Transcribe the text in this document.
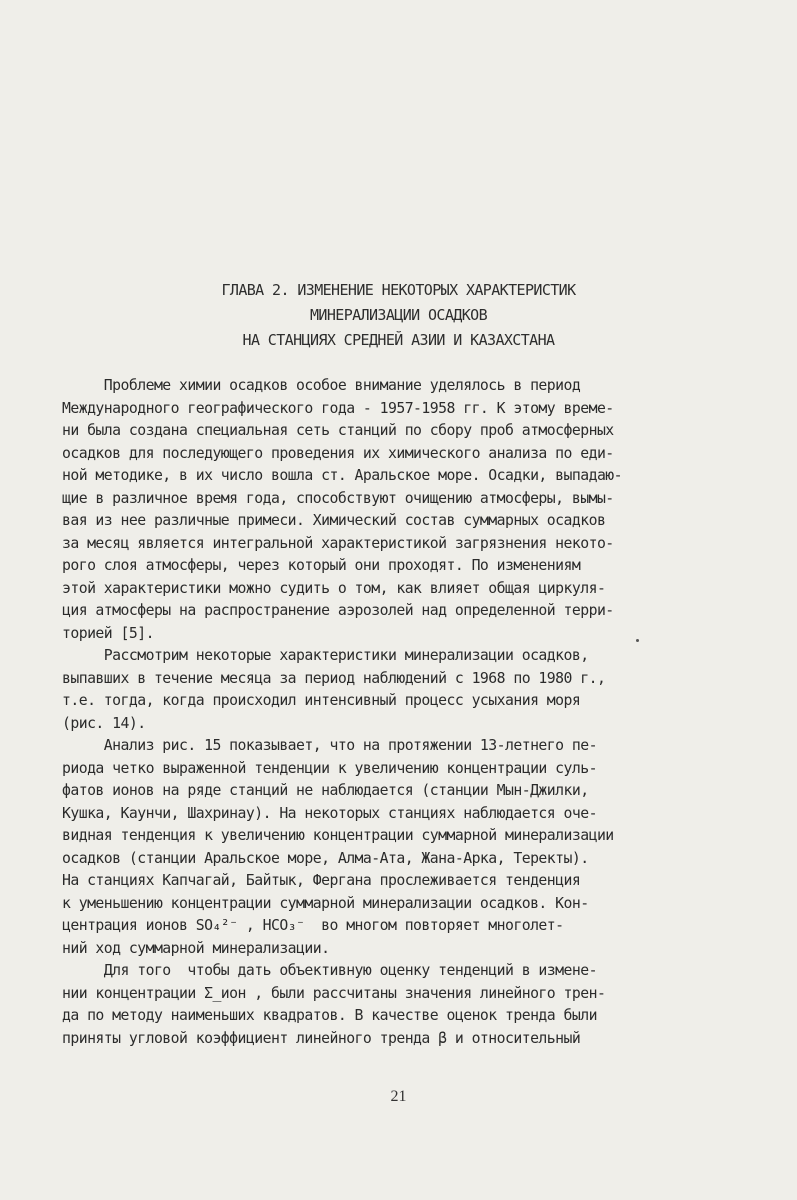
ГЛАВА 2. ИЗМЕНЕНИЕ НЕКОТОРЫХ ХАРАКТЕРИСТИК
МИНЕРАЛИЗАЦИИ ОСАДКОВ
НА СТАНЦИЯХ СРЕДНЕЙ АЗИИ И КАЗАХСТАНА
Проблеме химии осадков особое внимание уделялось в период
Международного географического года - 1957-1958 гг. К этому време-
ни была создана специальная сеть станций по сбору проб атмосферных
осадков для последующего проведения их химического анализа по еди-
ной методике, в их число вошла ст. Аральское море. Осадки, выпадаю-
щие в различное время года, способствуют очищению атмосферы, вымы-
вая из нее различные примеси. Химический состав суммарных осадков
за месяц является интегральной характеристикой загрязнения некото-
рого слоя атмосферы, через который они проходят. По изменениям
этой характеристики можно судить о том, как влияет общая циркуля-
ция атмосферы на распространение аэрозолей над определенной терри-
торией [5].
Рассмотрим некоторые характеристики минерализации осадков,
выпавших в течение месяца за период наблюдений с 1968 по 1980 г.,
т.е. тогда, когда происходил интенсивный процесс усыхания моря
(рис. 14).
Анализ рис. 15 показывает, что на протяжении 13-летнего пе-
риода четко выраженной тенденции к увеличению концентрации суль-
фатов ионов на ряде станций не наблюдается (станции Мын-Джилки,
Кушка, Каунчи, Шахринау). На некоторых станциях наблюдается оче-
видная тенденция к увеличению концентрации суммарной минерализации
осадков (станции Аральское море, Алма-Ата, Жана-Арка, Теректы).
На станциях Капчагай, Байтык, Фергана прослеживается тенденция
к уменьшению концентрации суммарной минерализации осадков. Кон-
центрация ионов SO₄²⁻ , HCO₃⁻  во многом повторяет многолет-
ний ход суммарной минерализации.
Для того  чтобы дать объективную оценку тенденций в измене-
нии концентрации Σ_ион , были рассчитаны значения линейного трен-
да по методу наименьших квадратов. В качестве оценок тренда были
приняты угловой коэффициент линейного тренда β и относительный
21
